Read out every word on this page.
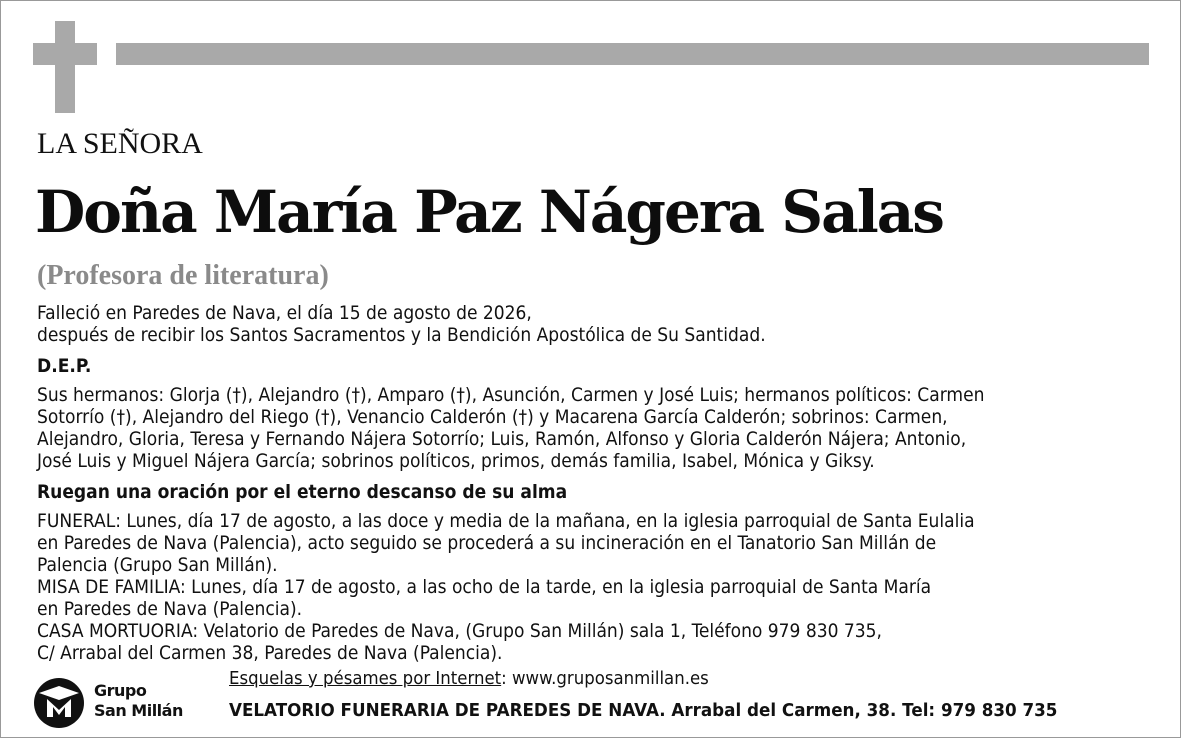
LA SEÑORA
Doña María Paz Nágera Salas
(Profesora de literatura)
Falleció en Paredes de Nava, el día 15 de agosto de 2026,
después de recibir los Santos Sacramentos y la Bendición Apostólica de Su Santidad.
D.E.P.
Sus hermanos: Glorja (†), Alejandro (†), Amparo (†), Asunción, Carmen y José Luis; hermanos políticos: Carmen
Sotorrío (†), Alejandro del Riego (†), Venancio Calderón (†) y Macarena García Calderón; sobrinos: Carmen,
Alejandro, Gloria, Teresa y Fernando Nájera Sotorrío; Luis, Ramón, Alfonso y Gloria Calderón Nájera; Antonio,
José Luis y Miguel Nájera García; sobrinos políticos, primos, demás familia, Isabel, Mónica y Giksy.
Ruegan una oración por el eterno descanso de su alma
FUNERAL: Lunes, día 17 de agosto, a las doce y media de la mañana, en la iglesia parroquial de Santa Eulalia
en Paredes de Nava (Palencia), acto seguido se procederá a su incineración en el Tanatorio San Millán de
Palencia (Grupo San Millán).
MISA DE FAMILIA: Lunes, día 17 de agosto, a las ocho de la tarde, en la iglesia parroquial de Santa María
en Paredes de Nava (Palencia).
CASA MORTUORIA: Velatorio de Paredes de Nava, (Grupo San Millán) sala 1, Teléfono 979 830 735,
C/ Arrabal del Carmen 38, Paredes de Nava (Palencia).
Grupo
San Millán
Esquelas y pésames por Internet: www.gruposanmillan.es
VELATORIO FUNERARIA DE PAREDES DE NAVA. Arrabal del Carmen, 38. Tel: 979 830 735
